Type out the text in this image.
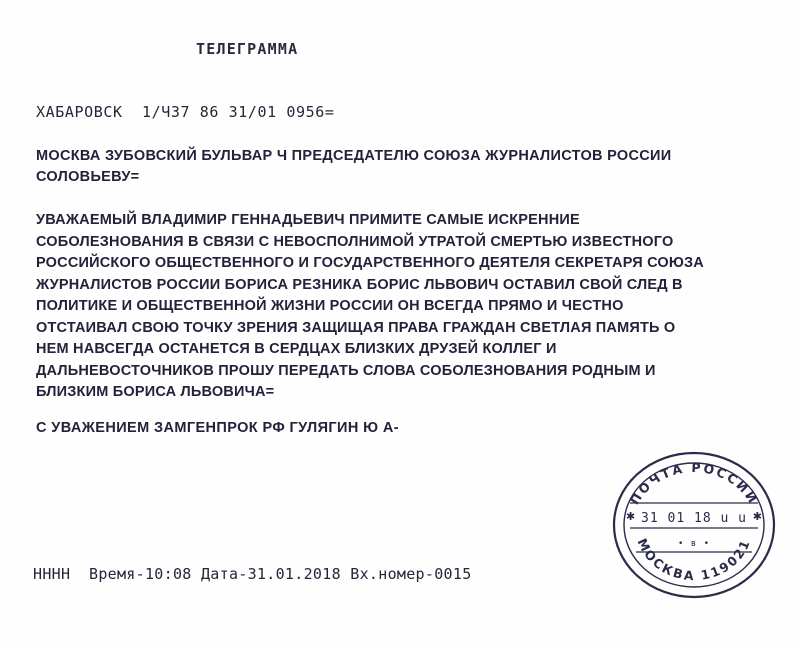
ТЕЛЕГРАММА
ХАБАРОВСК  1/Ч37 86 31/01 0956=
МОСКВА ЗУБОВСКИЙ БУЛЬВАР Ч ПРЕДСЕДАТЕЛЮ СОЮЗА ЖУРНАЛИСТОВ РОССИИ
СОЛОВЬЕВУ=
УВАЖАЕМЫЙ ВЛАДИМИР ГЕННАДЬЕВИЧ ПРИМИТЕ САМЫЕ ИСКРЕННИЕ
СОБОЛЕЗНОВАНИЯ В СВЯЗИ С НЕВОСПОЛНИМОЙ УТРАТОЙ СМЕРТЬЮ ИЗВЕСТНОГО
РОССИЙСКОГО ОБЩЕСТВЕННОГО И ГОСУДАРСТВЕННОГО ДЕЯТЕЛЯ СЕКРЕТАРЯ СОЮЗА
ЖУРНАЛИСТОВ РОССИИ БОРИСА РЕЗНИКА БОРИС ЛЬВОВИЧ ОСТАВИЛ СВОЙ СЛЕД В
ПОЛИТИКЕ И ОБЩЕСТВЕННОЙ ЖИЗНИ РОССИИ ОН ВСЕГДА ПРЯМО И ЧЕСТНО
ОТСТАИВАЛ СВОЮ ТОЧКУ ЗРЕНИЯ ЗАЩИЩАЯ ПРАВА ГРАЖДАН СВЕТЛАЯ ПАМЯТЬ О
НЕМ НАВСЕГДА ОСТАНЕТСЯ В СЕРДЦАХ БЛИЗКИХ ДРУЗЕЙ КОЛЛЕГ И
ДАЛЬНЕВОСТОЧНИКОВ ПРОШУ ПЕРЕДАТЬ СЛОВА СОБОЛЕЗНОВАНИЯ РОДНЫМ И
БЛИЗКИМ БОРИСА ЛЬВОВИЧА=
С УВАЖЕНИЕМ ЗАМГЕНПРОК РФ ГУЛЯГИН Ю А-
НННН  Время-10:08 Дата-31.01.2018 Вх.номер-0015
ПОЧТА РОССИИ
МОСКВА 119021
✱	✱
31 01 18 u u
• в •
